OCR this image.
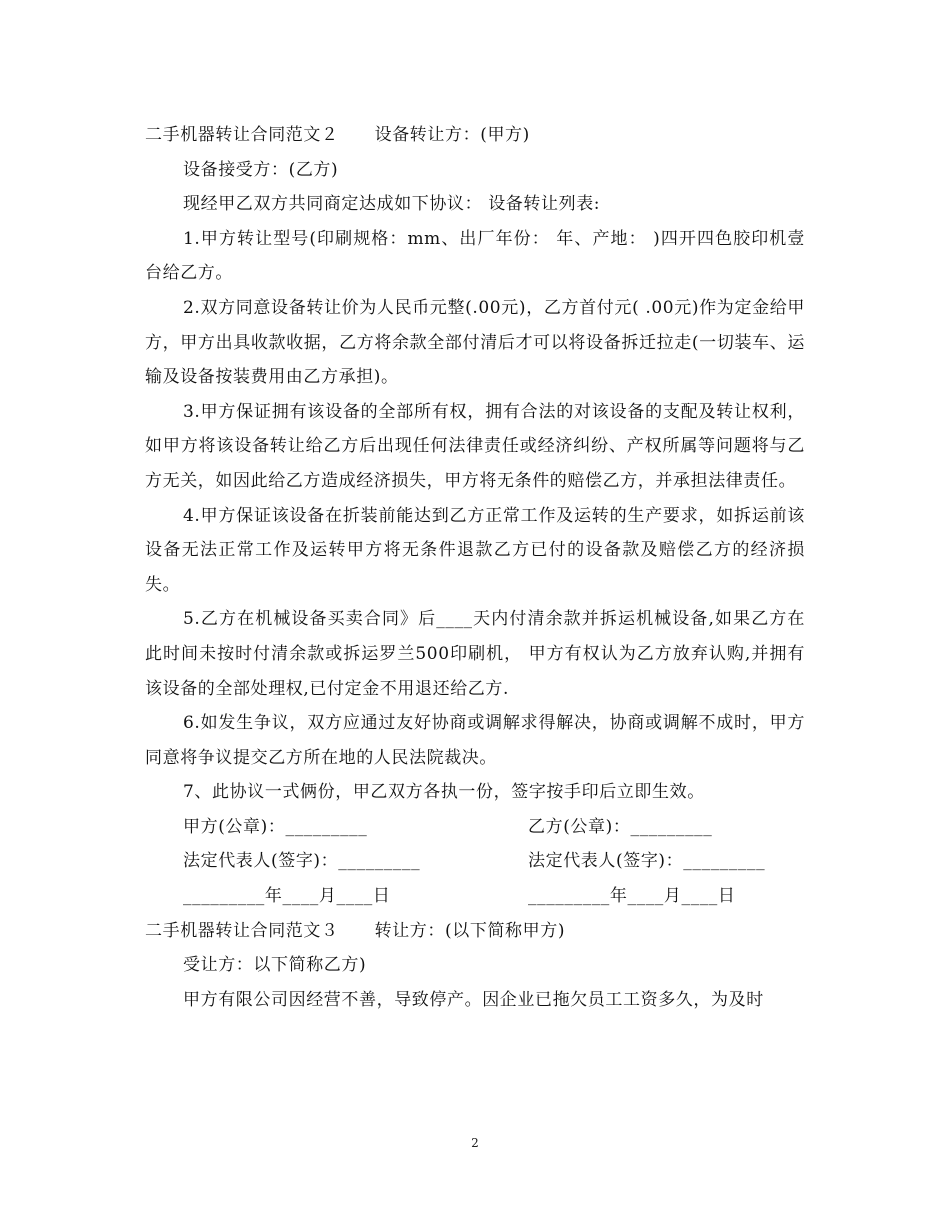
二手机器转让合同范文２ 设备转让方：(甲方)

设备接受方：(乙方)

现经甲乙双方共同商定达成如下协议： 设备转让列表:

1.甲方转让型号(印刷规格：mm、出厂年份： 年、产地： )四开四色胶印机壹台给乙方。

2.双方同意设备转让价为人民币元整(.00元)，乙方首付元( .00元)作为定金给甲方，甲方出具收款收据，乙方将余款全部付清后才可以将设备拆迁拉走(一切装车、运输及设备按装费用由乙方承担)。

3.甲方保证拥有该设备的全部所有权，拥有合法的对该设备的支配及转让权利，如甲方将该设备转让给乙方后出现任何法律责任或经济纠纷、产权所属等问题将与乙方无关，如因此给乙方造成经济损失，甲方将无条件的赔偿乙方，并承担法律责任。

4.甲方保证该设备在折装前能达到乙方正常工作及运转的生产要求，如拆运前该设备无法正常工作及运转甲方将无条件退款乙方已付的设备款及赔偿乙方的经济损失。

5.乙方在机械设备买卖合同》后____天内付清余款并拆运机械设备,如果乙方在此时间未按时付清余款或拆运罗兰500印刷机， 甲方有权认为乙方放弃认购,并拥有该设备的全部处理权,已付定金不用退还给乙方.

6.如发生争议，双方应通过友好协商或调解求得解决，协商或调解不成时，甲方同意将争议提交乙方所在地的人民法院裁决。

7、此协议一式俩份，甲乙双方各执一份，签字按手印后立即生效。

甲方(公章)：_________	乙方(公章)：_________
法定代表人(签字)：_________	法定代表人(签字)：_________
_________年____月____日	_________年____月____日

二手机器转让合同范文３ 转让方：(以下简称甲方)

受让方：以下简称乙方)

甲方有限公司因经营不善，导致停产。因企业已拖欠员工工资多久，为及时

2
